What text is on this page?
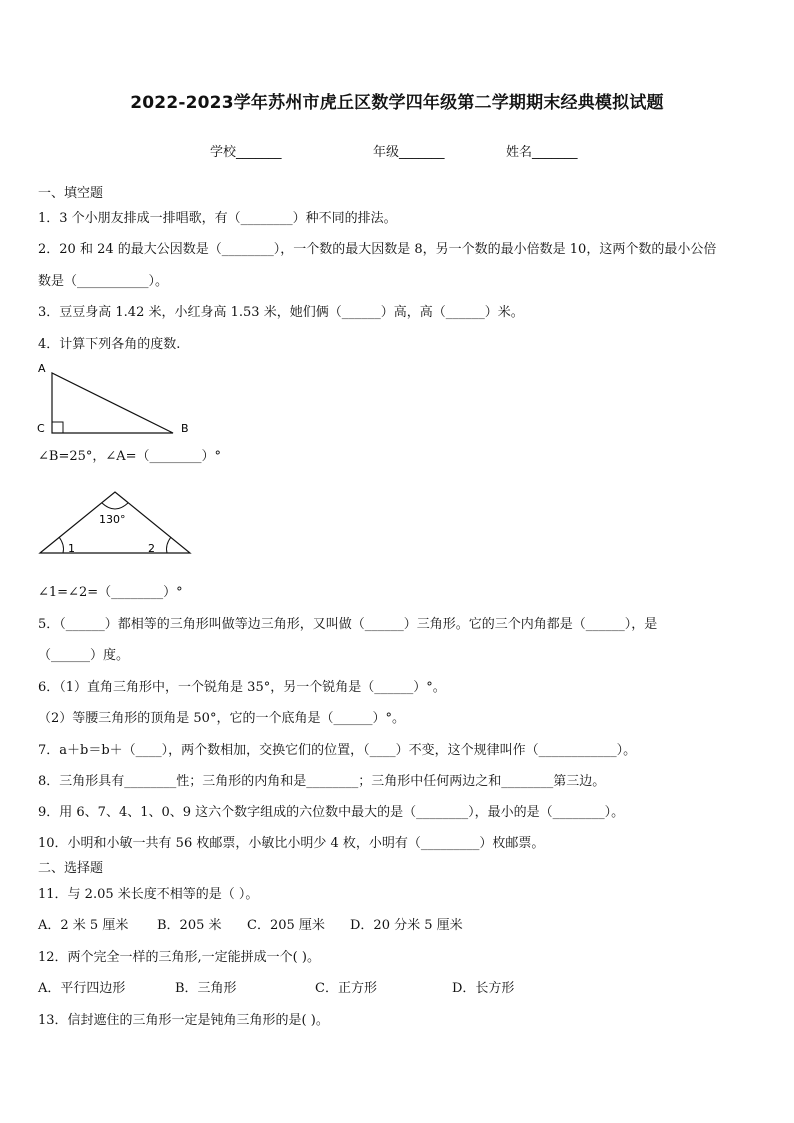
2022-2023学年苏州市虎丘区数学四年级第二学期期末经典模拟试题
学校_______	年级_______	姓名_______
一、填空题
1．3 个小朋友排成一排唱歌，有（________）种不同的排法。
2．20 和 24 的最大公因数是（________），一个数的最大因数是 8，另一个数的最小倍数是 10，这两个数的最小公倍
数是（___________）。
3．豆豆身高 1.42 米，小红身高 1.53 米，她们俩（______）高，高（______）米。
4．计算下列各角的度数.
A
C	B
∠B=25°，∠A=（________）°
130°
1	2
∠1=∠2=（________）°
5．（______）都相等的三角形叫做等边三角形，又叫做（______）三角形。它的三个内角都是（______），是
（______）度。
6．（1）直角三角形中，一个锐角是 35°，另一个锐角是（______）°。
（2）等腰三角形的顶角是 50°，它的一个底角是（______）°。
7．a＋b＝b＋（____），两个数相加，交换它们的位置，（____）不变，这个规律叫作（____________）。
8．三角形具有________性；三角形的内角和是________；三角形中任何两边之和________第三边。
9．用 6、7、4、1、0、9 这六个数字组成的六位数中最大的是（________），最小的是（________）。
10．小明和小敏一共有 56 枚邮票，小敏比小明少 4 枚，小明有（_________）枚邮票。
二、选择题
11．与 2.05 米长度不相等的是（ ）。
A．2 米 5 厘米 B．205 米 C．205 厘米 D．20 分米 5 厘米
12．两个完全一样的三角形,一定能拼成一个( )。
A．平行四边形	B．三角形	C．正方形	D．长方形
13．信封遮住的三角形一定是钝角三角形的是( )。
